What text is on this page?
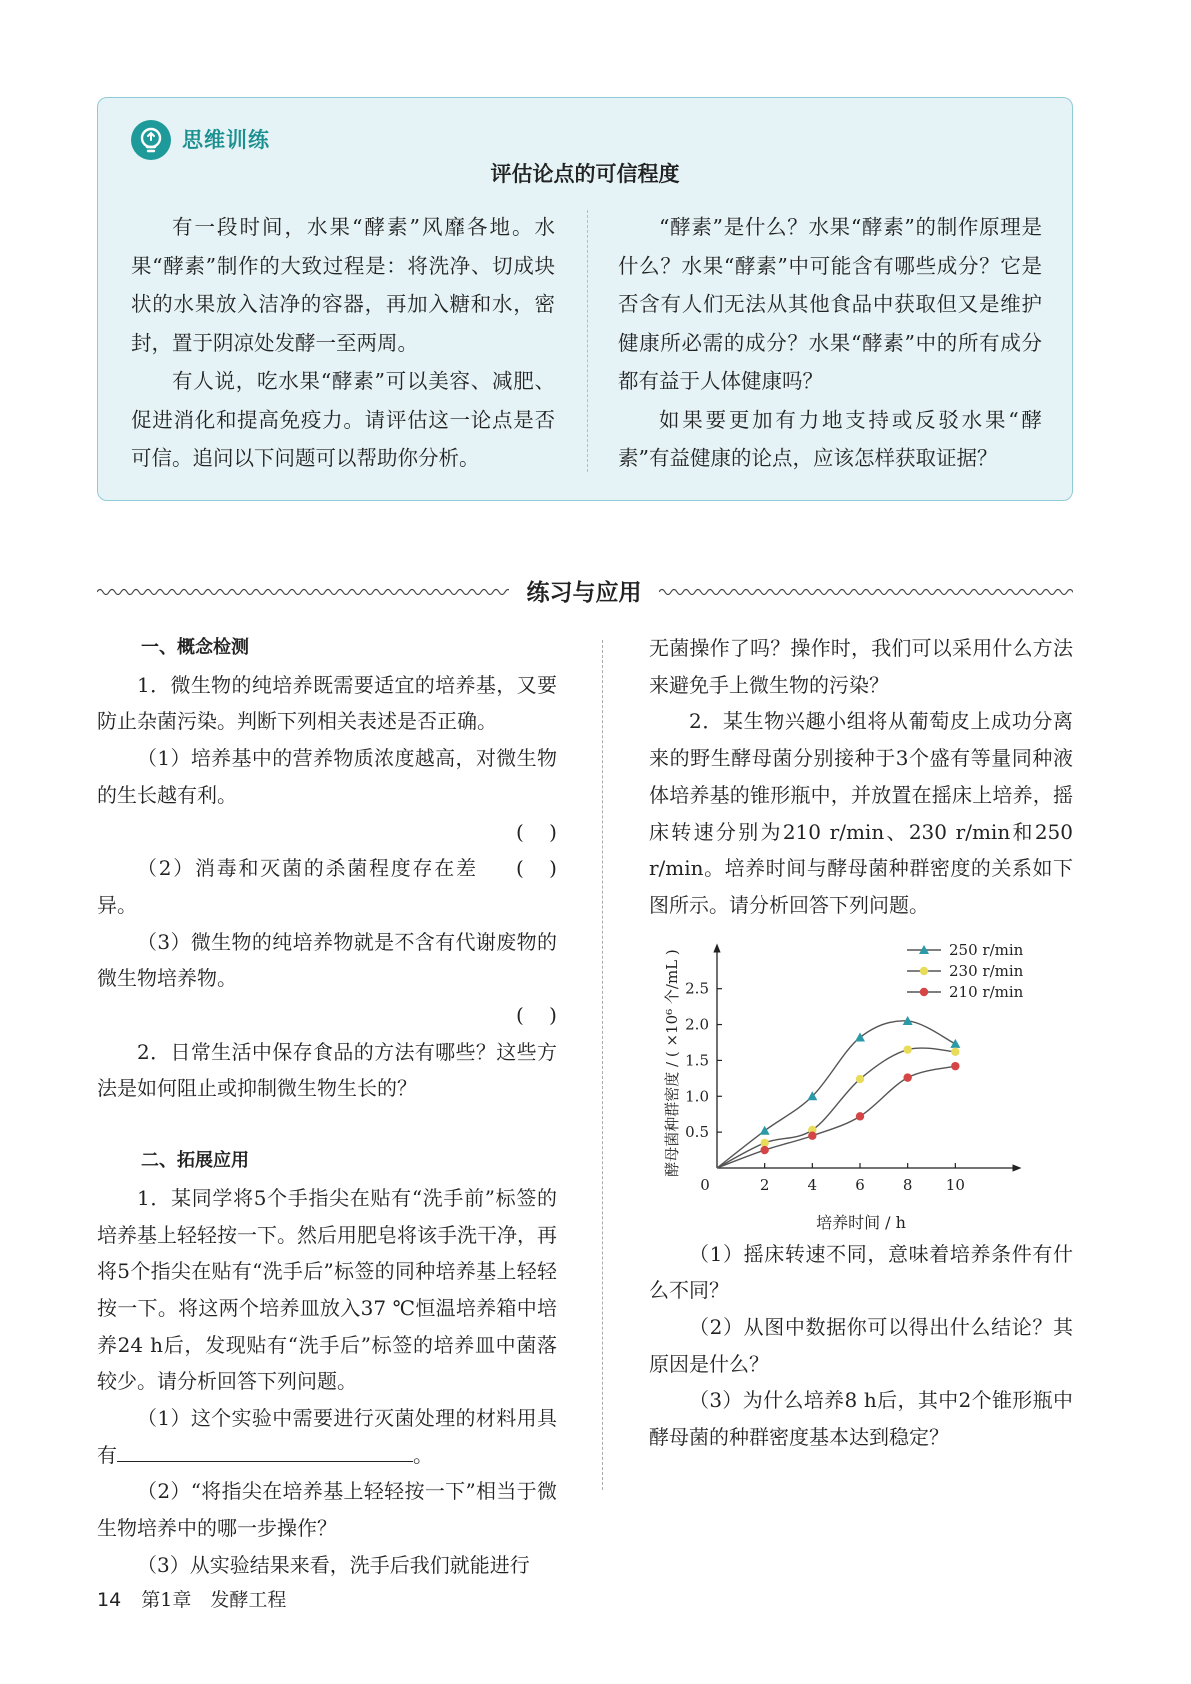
思维训练
评估论点的可信程度

有一段时间，水果“酵素”风靡各地。水果“酵素”制作的大致过程是：将洗净、切成块状的水果放入洁净的容器，再加入糖和水，密封，置于阴凉处发酵一至两周。

有人说，吃水果“酵素”可以美容、减肥、促进消化和提高免疫力。请评估这一论点是否可信。追问以下问题可以帮助你分析。

“酵素”是什么？水果“酵素”的制作原理是什么？水果“酵素”中可能含有哪些成分？它是否含有人们无法从其他食品中获取但又是维护健康所必需的成分？水果“酵素”中的所有成分都有益于人体健康吗？

如果要更加有力地支持或反驳水果“酵素”有益健康的论点，应该怎样获取证据？

练习与应用

一、概念检测

1．微生物的纯培养既需要适宜的培养基，又要防止杂菌污染。判断下列相关表述是否正确。

（1）培养基中的营养物质浓度越高，对微生物的生长越有利。

(    )

（2）消毒和灭菌的杀菌程度存在差异。
(    )

（3）微生物的纯培养物就是不含有代谢废物的微生物培养物。

(    )

2．日常生活中保存食品的方法有哪些？这些方法是如何阻止或抑制微生物生长的？

二、拓展应用

1．某同学将5个手指尖在贴有“洗手前”标签的培养基上轻轻按一下。然后用肥皂将该手洗干净，再将5个指尖在贴有“洗手后”标签的同种培养基上轻轻按一下。将这两个培养皿放入37 ℃恒温培养箱中培养24 h后，发现贴有“洗手后”标签的培养皿中菌落较少。请分析回答下列问题。

（1）这个实验中需要进行灭菌处理的材料用具有	。

（2）“将指尖在培养基上轻轻按一下”相当于微生物培养中的哪一步操作？

（3）从实验结果来看，洗手后我们就能进行

无菌操作了吗？操作时，我们可以采用什么方法来避免手上微生物的污染？

2．某生物兴趣小组将从葡萄皮上成功分离来的野生酵母菌分别接种于3个盛有等量同种液体培养基的锥形瓶中，并放置在摇床上培养，摇床转速分别为210 r/min、230 r/min和250 r/min。培养时间与酵母菌种群密度的关系如下图所示。请分析回答下列问题。

（1）摇床转速不同，意味着培养条件有什么不同？

（2）从图中数据你可以得出什么结论？其原因是什么？

（3）为什么培养8 h后，其中2个锥形瓶中酵母菌的种群密度基本达到稳定？

0	2	4	6	8 10
0.5
1.0
1.5
2.0
2.5
250 r/min
230 r/min
210 r/min
酵母菌种群密度 / ( ×10⁶ 个/mL )
培养时间 / h
14 第1章　发酵工程
